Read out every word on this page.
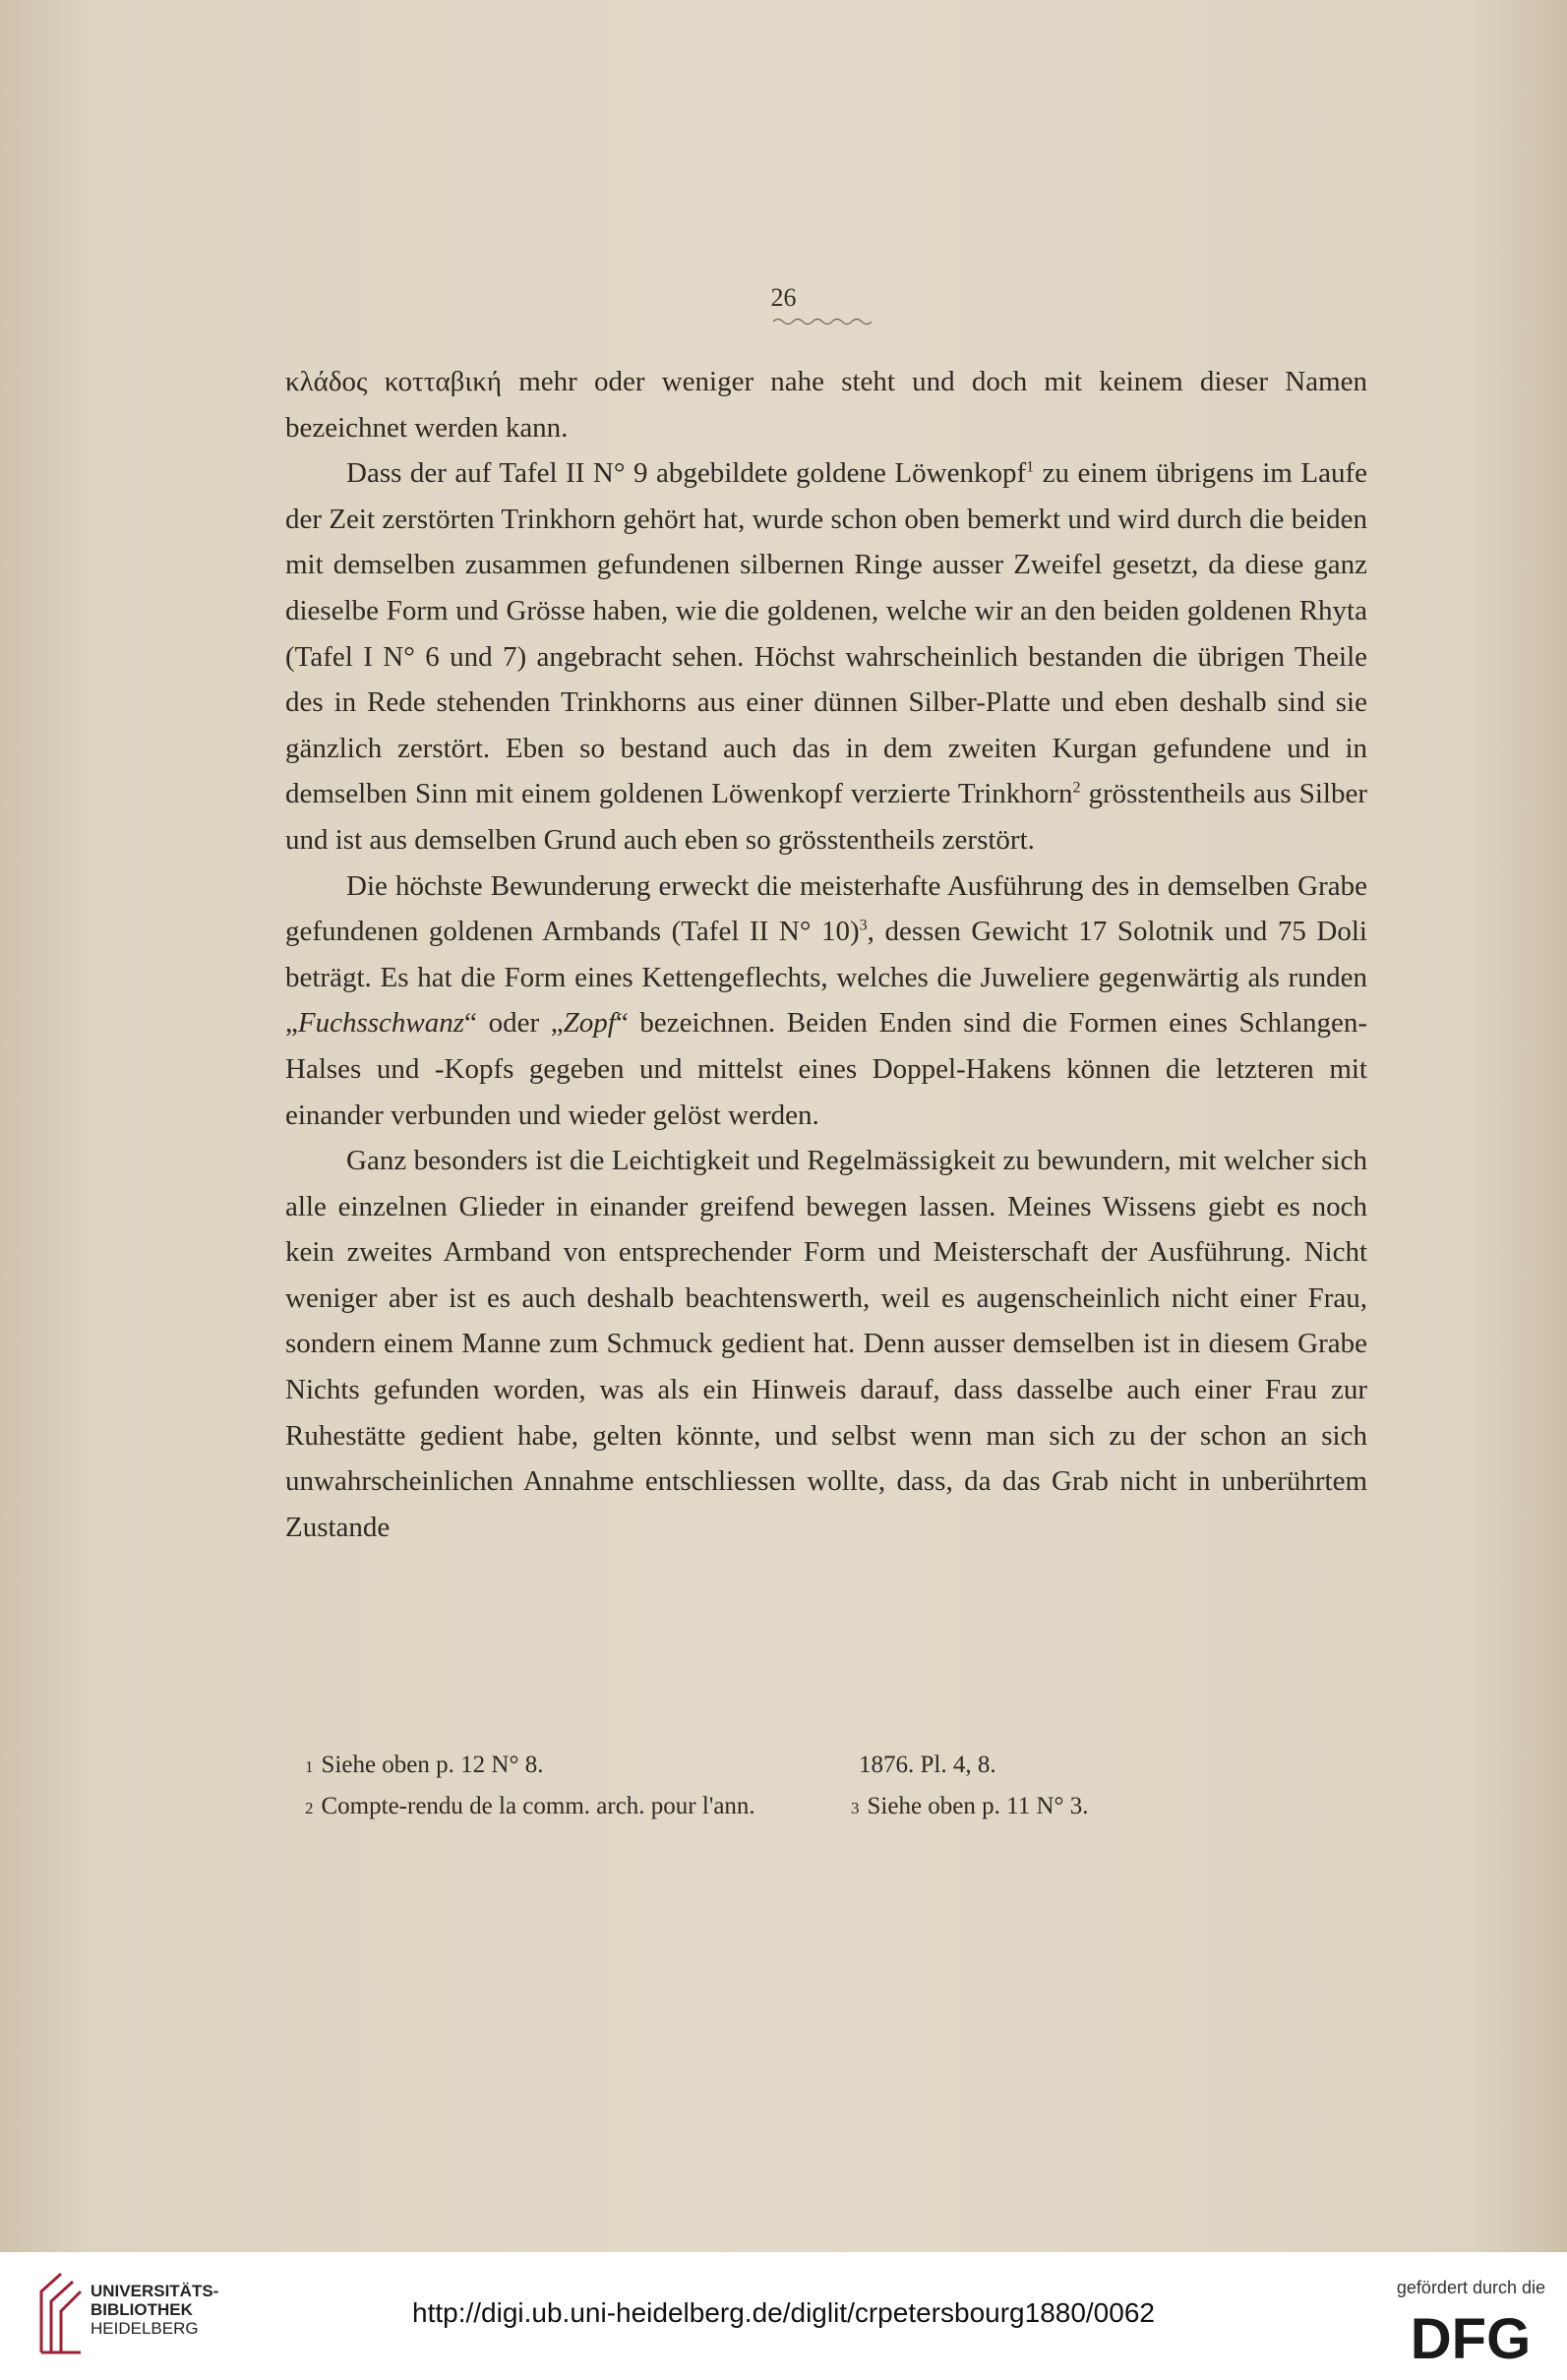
26

κλάδος κοτταβική mehr oder weniger nahe steht und doch mit keinem dieser Namen bezeichnet werden kann.

Dass der auf Tafel II N° 9 abgebildete goldene Löwenkopf$^1$ zu einem übrigens im Laufe der Zeit zerstörten Trinkhorn gehört hat, wurde schon oben bemerkt und wird durch die beiden mit demselben zusammen gefundenen silbernen Ringe ausser Zweifel gesetzt, da diese ganz dieselbe Form und Grösse haben, wie die goldenen, welche wir an den beiden goldenen Rhyta (Tafel I N° 6 und 7) angebracht sehen. Höchst wahrscheinlich bestanden die übrigen Theile des in Rede stehenden Trinkhorns aus einer dünnen Silber-Platte und eben deshalb sind sie gänzlich zerstört. Eben so bestand auch das in dem zweiten Kurgan gefundene und in demselben Sinn mit einem goldenen Löwenkopf verzierte Trinkhorn$^2$ grösstentheils aus Silber und ist aus demselben Grund auch eben so grösstentheils zerstört.

Die höchste Bewunderung erweckt die meisterhafte Ausführung des in demselben Grabe gefundenen goldenen Armbands (Tafel II N° 10)$^3$, dessen Gewicht 17 Solotnik und 75 Doli beträgt. Es hat die Form eines Kettengeflechts, welches die Juweliere gegenwärtig als runden „Fuchsschwanz“ oder „Zopf“ bezeichnen. Beiden Enden sind die Formen eines Schlangen-Halses und -Kopfs gegeben und mittelst eines Doppel-Hakens können die letzteren mit einander verbunden und wieder gelöst werden.

Ganz besonders ist die Leichtigkeit und Regelmässigkeit zu bewundern, mit welcher sich alle einzelnen Glieder in einander greifend bewegen lassen. Meines Wissens giebt es noch kein zweites Armband von entsprechender Form und Meisterschaft der Ausführung. Nicht weniger aber ist es auch deshalb beachtenswerth, weil es augenscheinlich nicht einer Frau, sondern einem Manne zum Schmuck gedient hat. Denn ausser demselben ist in diesem Grabe Nichts gefunden worden, was als ein Hinweis darauf, dass dasselbe auch einer Frau zur Ruhestätte gedient habe, gelten könnte, und selbst wenn man sich zu der schon an sich unwahrscheinlichen Annahme entschliessen wollte, dass, da das Grab nicht in unberührtem Zustande

1 Siehe oben p. 12 N° 8.	1876. Pl. 4, 8.
2 Compte-rendu de la comm. arch. pour l'ann.	3 Siehe oben p. 11 N° 3.
UNIVERSITÄTS-
BIBLIOTHEK
HEIDELBERG
http://digi.ub.uni-heidelberg.de/diglit/crpetersbourg1880/0062
gefördert durch die
DFG
